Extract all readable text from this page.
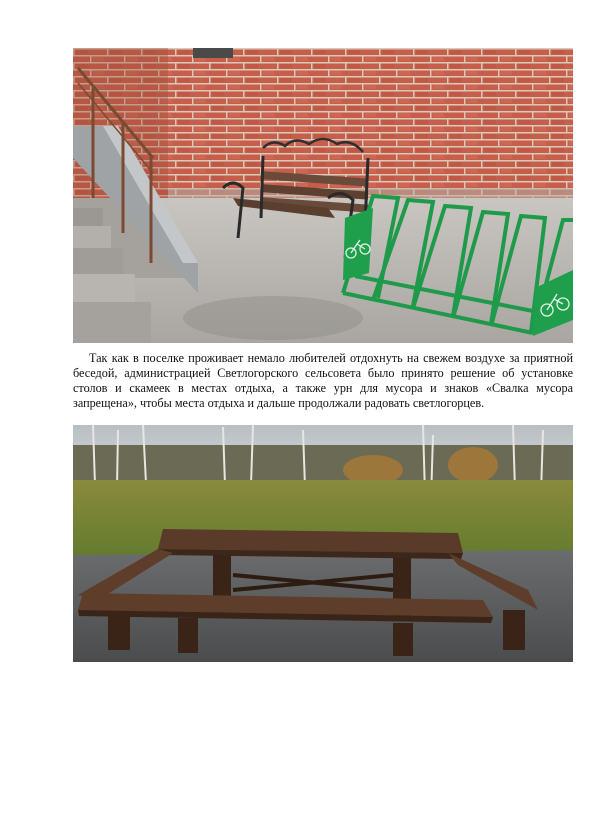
Так как в поселке проживает немало любителей отдохнуть на свежем воздухе за приятной беседой, администрацией Светлогорского сельсовета было принято решение об установке столов и скамеек в местах отдыха, а также урн для мусора и знаков «Свалка мусора запрещена», чтобы места отдыха и дальше продолжали радовать светлогорцев.
